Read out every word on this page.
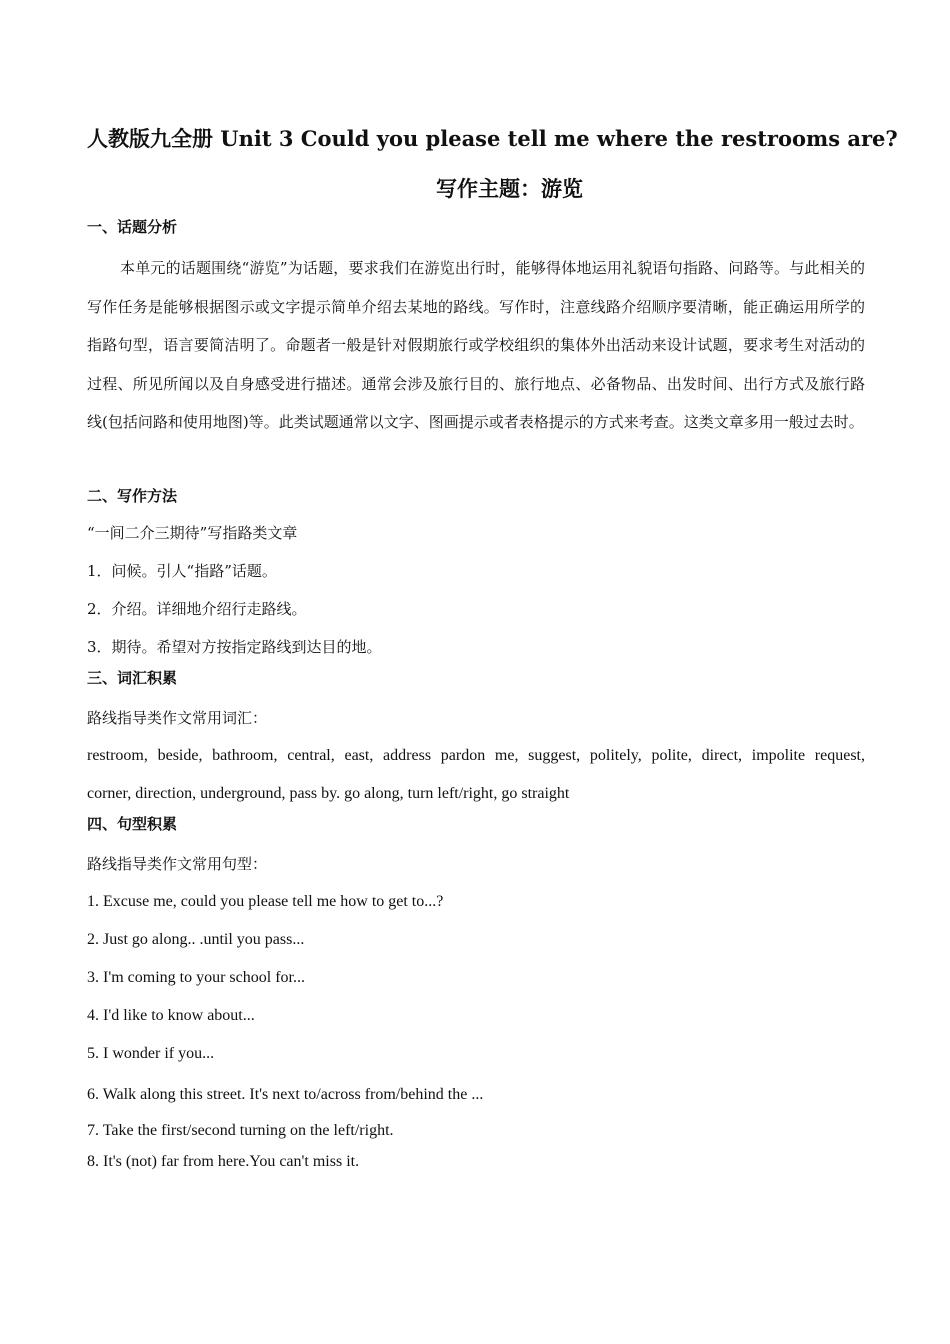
人教版九全册 Unit 3 Could you please tell me where the restrooms are?
写作主题：游览
一、话题分析
本单元的话题围绕“游览”为话题，要求我们在游览出行时，能够得体地运用礼貌语句指路、问路等。与此相关的写作任务是能够根据图示或文字提示简单介绍去某地的路线。写作时，注意线路介绍顺序要清晰，能正确运用所学的指路句型，语言要简洁明了。命题者一般是针对假期旅行或学校组织的集体外出活动来设计试题，要求考生对活动的过程、所见所闻以及自身感受进行描述。通常会涉及旅行目的、旅行地点、必备物品、出发时间、出行方式及旅行路线(包括问路和使用地图)等。此类试题通常以文字、图画提示或者表格提示的方式来考查。这类文章多用一般过去时。
二、写作方法
“一间二介三期待”写指路类文章
1．问候。引人“指路”话题。
2．介绍。详细地介绍行走路线。
3．期待。希望对方按指定路线到达目的地。
三、词汇积累
路线指导类作文常用词汇：
restroom, beside, bathroom, central, east, address pardon me, suggest, politely, polite, direct, impolite request,
corner, direction, underground, pass by. go along, turn left/right, go straight
四、句型积累
路线指导类作文常用句型：
1. Excuse me, could you please tell me how to get to...?
2. Just go along.. .until you pass...
3. I'm coming to your school for...
4. I'd like to know about...
5. I wonder if you...
6. Walk along this street. It's next to/across from/behind the ...
7. Take the first/second turning on the left/right.
8. It's (not) far from here.You can't miss it.
